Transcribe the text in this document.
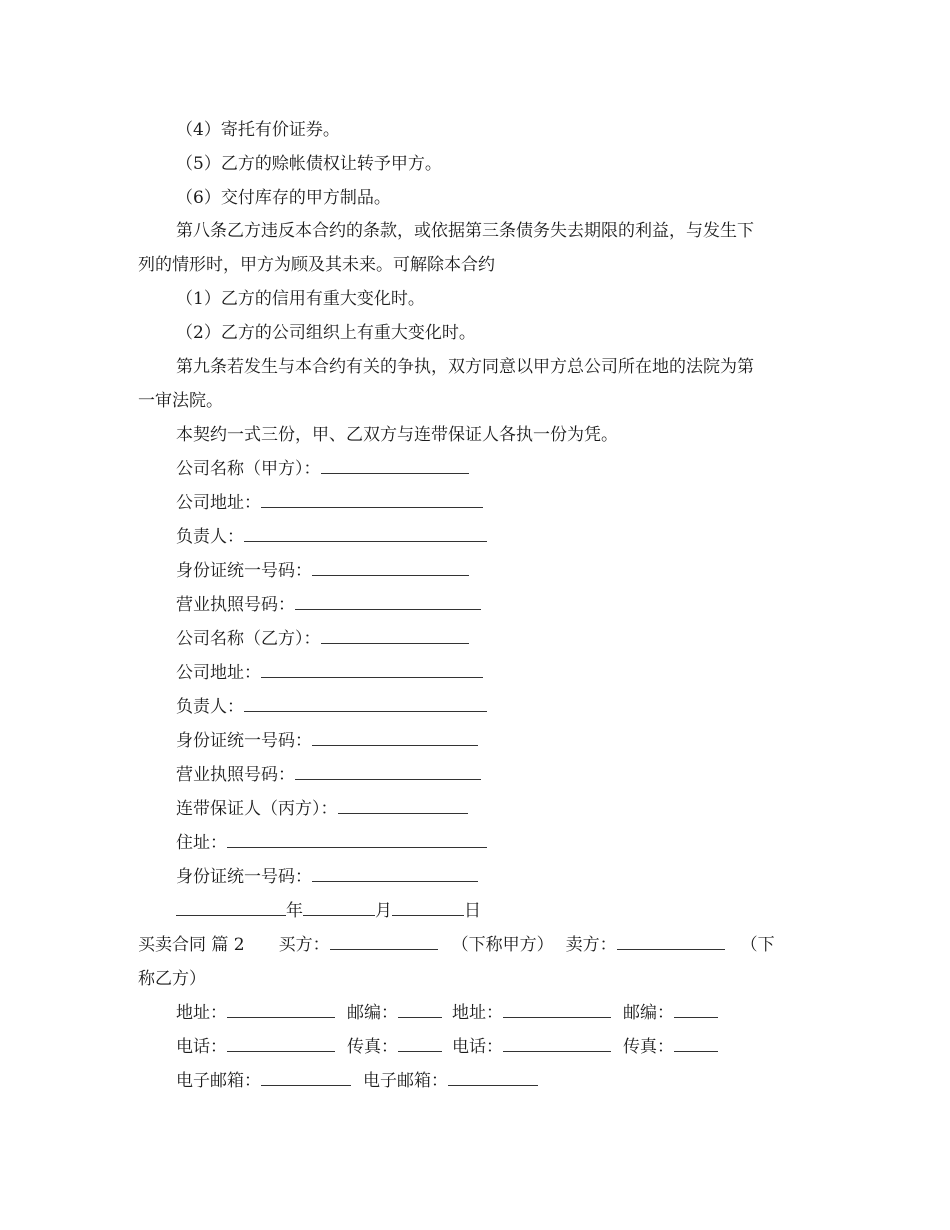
（4）寄托有价证券。
（5）乙方的赊帐债权让转予甲方。
（6）交付库存的甲方制品。
第八条乙方违反本合约的条款，或依据第三条债务失去期限的利益，与发生下
列的情形时，甲方为顾及其未来。可解除本合约
（1）乙方的信用有重大变化时。
（2）乙方的公司组织上有重大变化时。
第九条若发生与本合约有关的争执，双方同意以甲方总公司所在地的法院为第
一审法院。
本契约一式三份，甲、乙双方与连带保证人各执一份为凭。
公司名称（甲方）：
公司地址：
负责人：
身份证统一号码：
营业执照号码：
公司名称（乙方）：
公司地址：
负责人：
身份证统一号码：
营业执照号码：
连带保证人（丙方）：
住址：
身份证统一号码：
年	月	日
买卖合同 篇 2 买方：	（下称甲方） 卖方：	（下
称乙方）
地址：	邮编：	地址：	邮编：
电话：	传真：	电话：	传真：
电子邮箱：	电子邮箱：
